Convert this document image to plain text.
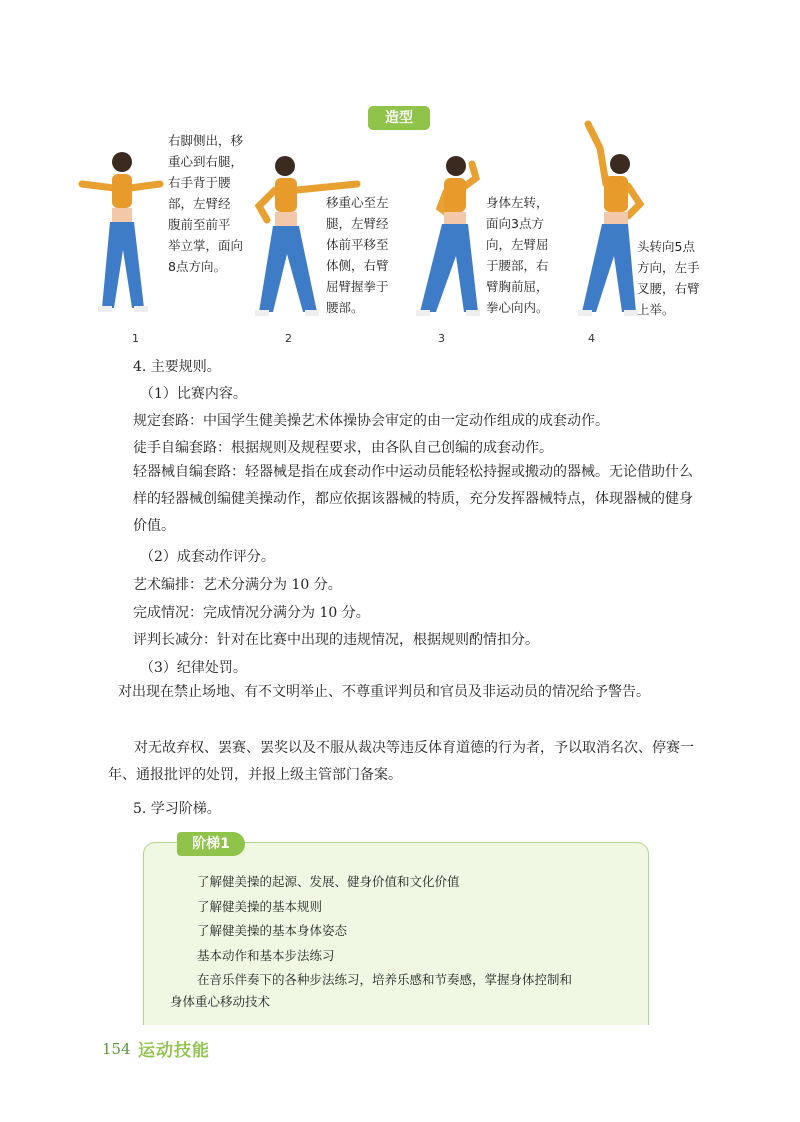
造型
1
右脚侧出，移
重心到右腿，
右手背于腰
部，左臂经
腹前至前平
举立掌，面向
8点方向。
2
移重心至左
腿，左臂经
体前平移至
体侧，右臂
屈臂握拳于
腰部。
3
身体左转，
面向3点方
向，左臂屈
于腰部，右
臂胸前屈，
拳心向内。
4
头转向5点
方向，左手
叉腰，右臂
上举。
4. 主要规则。
（1）比赛内容。
规定套路：中国学生健美操艺术体操协会审定的由一定动作组成的成套动作。
徒手自编套路：根据规则及规程要求，由各队自己创编的成套动作。
轻器械自编套路：轻器械是指在成套动作中运动员能轻松持握或搬动的器械。无论借助什么样的轻器械创编健美操动作，都应依据该器械的特质，充分发挥器械特点，体现器械的健身价值。
（2）成套动作评分。
艺术编排：艺术分满分为 10 分。
完成情况：完成情况分满分为 10 分。
评判长减分：针对在比赛中出现的违规情况，根据规则酌情扣分。
（3）纪律处罚。
对出现在禁止场地、有不文明举止、不尊重评判员和官员及非运动员的情况给予警告。
对无故弃权、罢赛、罢奖以及不服从裁决等违反体育道德的行为者，予以取消名次、停赛一年、通报批评的处罚，并报上级主管部门备案。
5. 学习阶梯。
阶梯1
了解健美操的起源、发展、健身价值和文化价值
了解健美操的基本规则
了解健美操的基本身体姿态
基本动作和基本步法练习
在音乐伴奏下的各种步法练习，培养乐感和节奏感，掌握身体控制和
身体重心移动技术
154 运动技能
